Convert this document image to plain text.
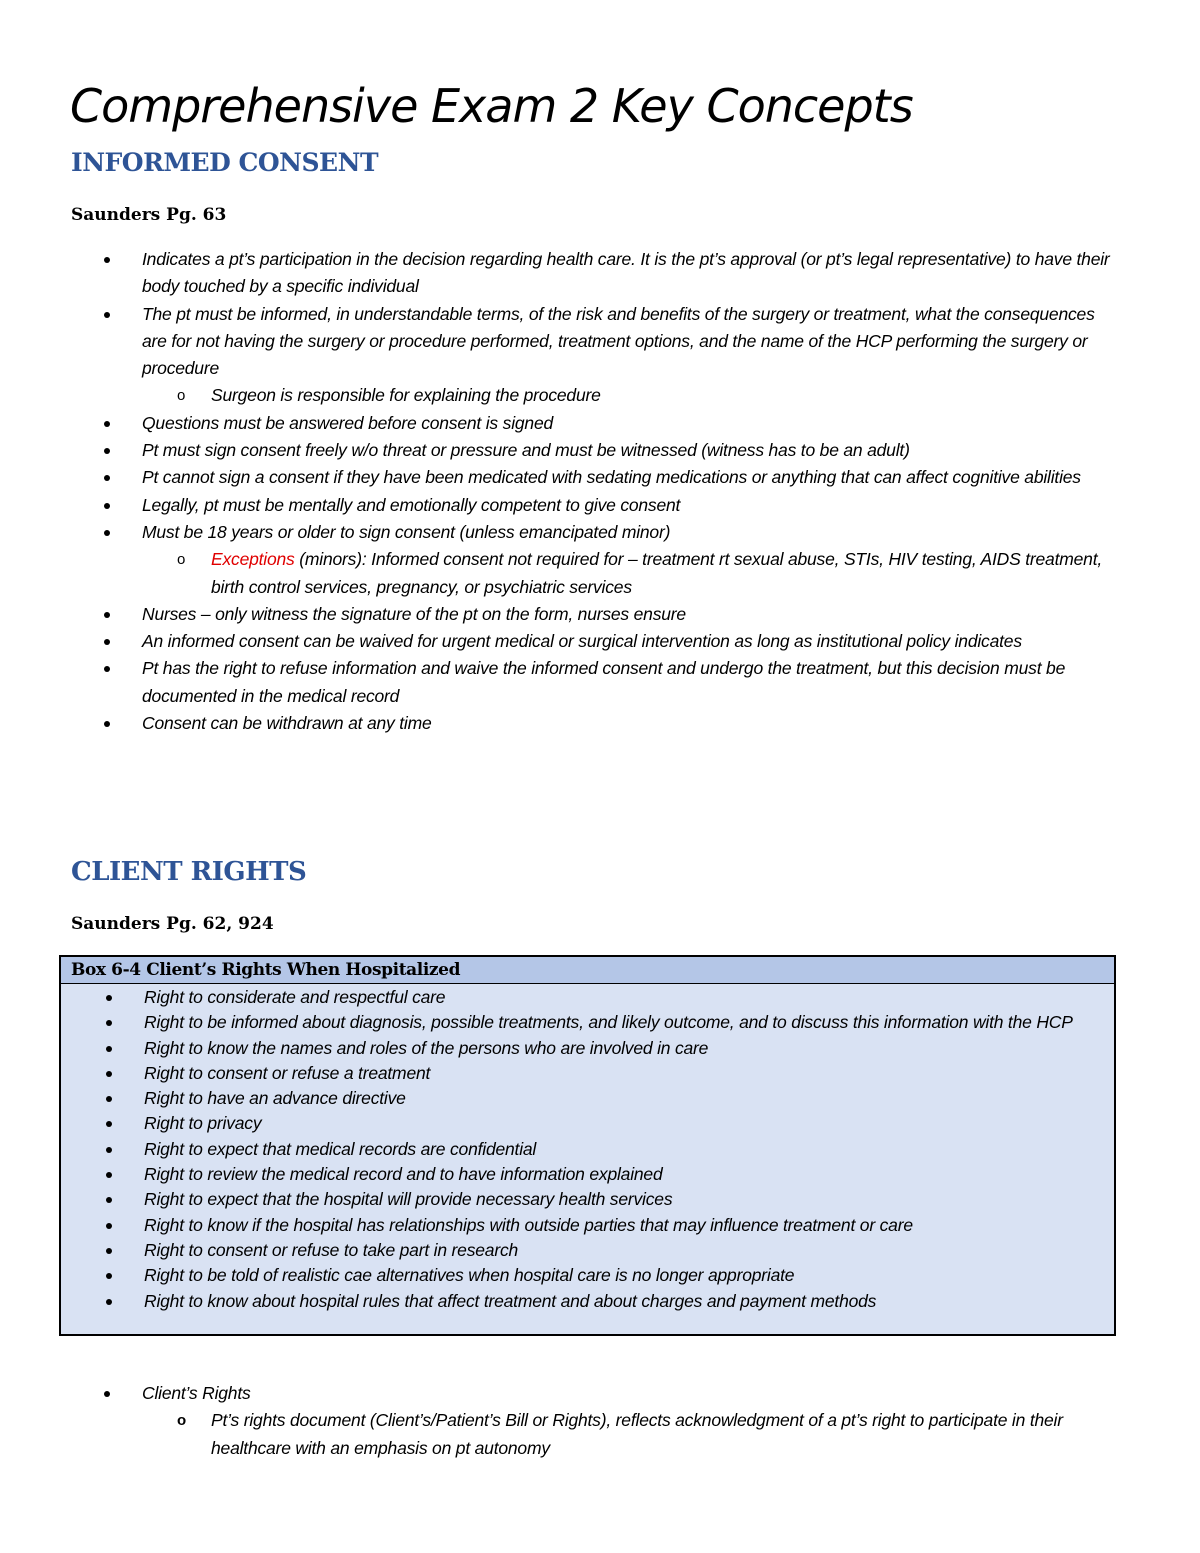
Comprehensive Exam 2 Key Concepts
INFORMED CONSENT

Saunders Pg. 63

Indicates a pt’s participation in the decision regarding health care. It is the pt’s approval (or pt’s legal representative) to have their body touched by a specific individual
The pt must be informed, in understandable terms, of the risk and benefits of the surgery or treatment, what the consequences are for not having the surgery or procedure performed, treatment options, and the name of the HCP performing the surgery or procedure
o Surgeon is responsible for explaining the procedure
Questions must be answered before consent is signed
Pt must sign consent freely w/o threat or pressure and must be witnessed (witness has to be an adult)
Pt cannot sign a consent if they have been medicated with sedating medications or anything that can affect cognitive abilities
Legally, pt must be mentally and emotionally competent to give consent
Must be 18 years or older to sign consent (unless emancipated minor)
o Exceptions (minors): Informed consent not required for – treatment rt sexual abuse, STIs, HIV testing, AIDS treatment, birth control services, pregnancy, or psychiatric services
Nurses – only witness the signature of the pt on the form, nurses ensure
An informed consent can be waived for urgent medical or surgical intervention as long as institutional policy indicates
Pt has the right to refuse information and waive the informed consent and undergo the treatment, but this decision must be documented in the medical record
Consent can be withdrawn at any time
CLIENT RIGHTS

Saunders Pg. 62, 924

Box 6-4 Client’s Rights When Hospitalized
Right to considerate and respectful care
Right to be informed about diagnosis, possible treatments, and likely outcome, and to discuss this information with the HCP
Right to know the names and roles of the persons who are involved in care
Right to consent or refuse a treatment
Right to have an advance directive
Right to privacy
Right to expect that medical records are confidential
Right to review the medical record and to have information explained
Right to expect that the hospital will provide necessary health services
Right to know if the hospital has relationships with outside parties that may influence treatment or care
Right to consent or refuse to take part in research
Right to be told of realistic cae alternatives when hospital care is no longer appropriate
Right to know about hospital rules that affect treatment and about charges and payment methods
Client’s Rights
o Pt’s rights document (Client’s/Patient’s Bill or Rights), reflects acknowledgment of a pt’s right to participate in their healthcare with an emphasis on pt autonomy
